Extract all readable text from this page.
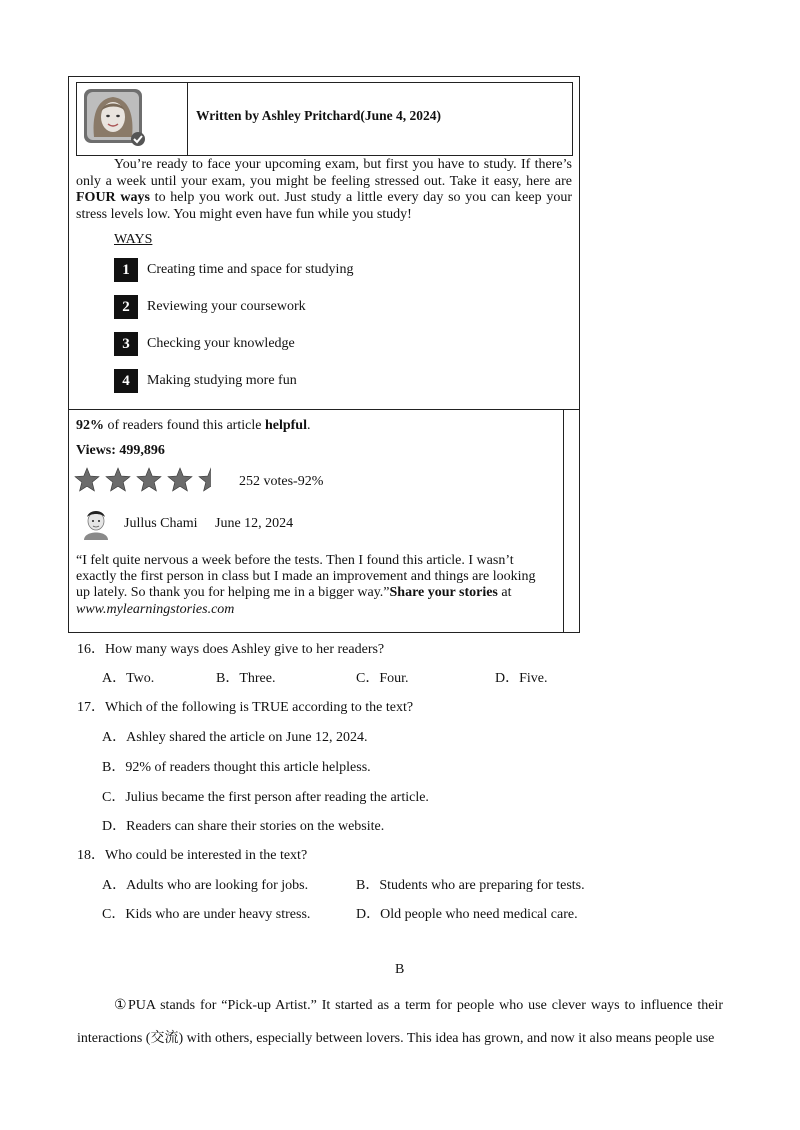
Written by Ashley Pritchard(June 4, 2024)
You’re ready to face your upcoming exam, but first you have to study. If there’s only a week until your exam, you might be feeling stressed out. Take it easy, here are FOUR ways to help you work out. Just study a little every day so you can keep your stress levels low. You might even have fun while you study!
WAYS
1	Creating time and space for studying
2	Reviewing your coursework
3	Checking your knowledge
4	Making studying more fun
92% of readers found this article helpful.
Views: 499,896
252 votes-92%
Jullus Chami June 12, 2024
“I felt quite nervous a week before the tests. Then I found this article. I wasn’t exactly the first person in class but I made an improvement and things are looking up lately. So thank you for helping me in a bigger way.”Share your stories at
www.mylearningstories.com
16．How many ways does Ashley give to her readers?
A．Two.	B．Three.	C．Four.	D．Five.
17．Which of the following is TRUE according to the text?
A．Ashley shared the article on June 12, 2024.
B．92% of readers thought this article helpless.
C．Julius became the first person after reading the article.
D．Readers can share their stories on the website.
18．Who could be interested in the text?
A．Adults who are looking for jobs.	B．Students who are preparing for tests.
C．Kids who are under heavy stress.	D．Old people who need medical care.
B
①PUA stands for “Pick-up Artist.” It started as a term for people who use clever ways to influence their interactions (交流) with others, especially between lovers. This idea has grown, and now it also means people use
